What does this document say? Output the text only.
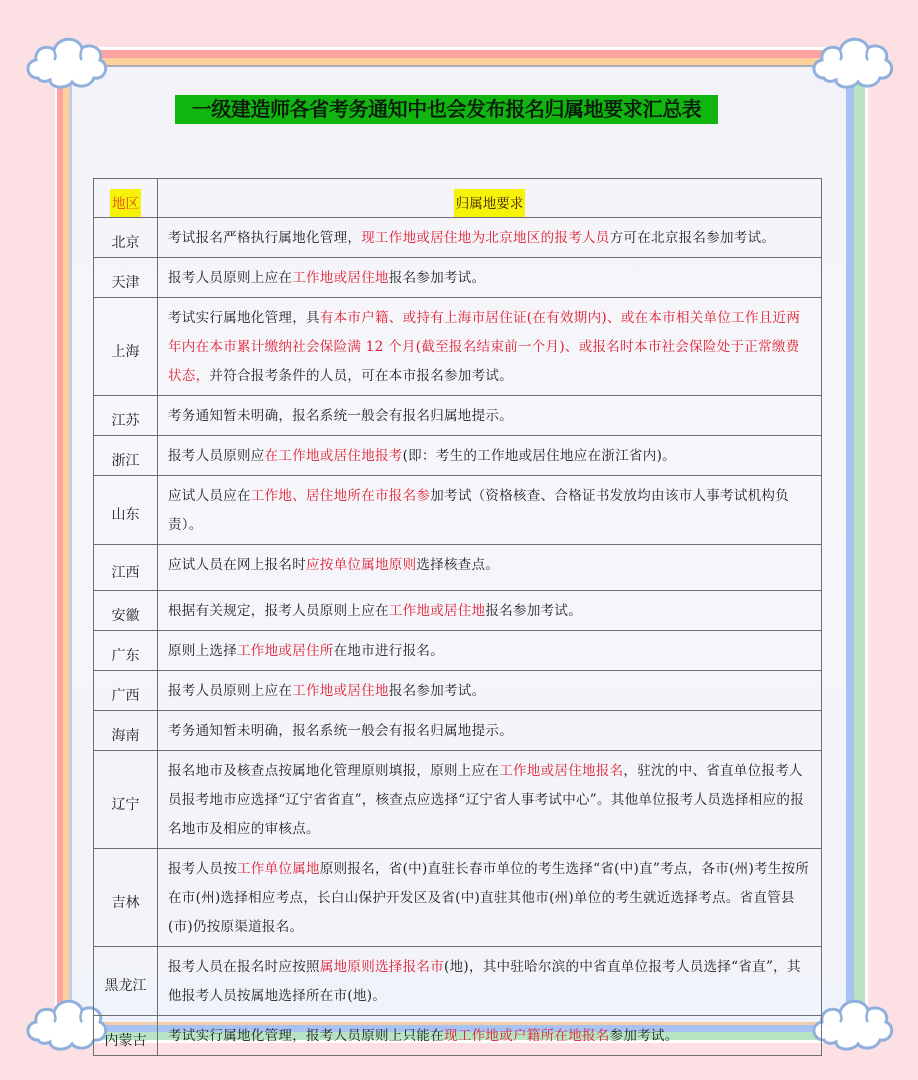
一级建造师各省考务通知中也会发布报名归属地要求汇总表
地区	归属地要求
北京	考试报名严格执行属地化管理，现工作地或居住地为北京地区的报考人员方可在北京报名参加考试。
天津	报考人员原则上应在工作地或居住地报名参加考试。
上海	考试实行属地化管理，具有本市户籍、或持有上海市居住证(在有效期内)、或在本市相关单位工作且近两年内在本市累计缴纳社会保险满 12 个月(截至报名结束前一个月)、或报名时本市社会保险处于正常缴费状态，并符合报考条件的人员，可在本市报名参加考试。
江苏	考务通知暂未明确，报名系统一般会有报名归属地提示。
浙江	报考人员原则应在工作地或居住地报考(即：考生的工作地或居住地应在浙江省内)。
山东	应试人员应在工作地、居住地所在市报名参加考试（资格核查、合格证书发放均由该市人事考试机构负责）。
江西	应试人员在网上报名时应按单位属地原则选择核查点。
安徽	根据有关规定，报考人员原则上应在工作地或居住地报名参加考试。
广东	原则上选择工作地或居住所在地市进行报名。
广西	报考人员原则上应在工作地或居住地报名参加考试。
海南	考务通知暂未明确，报名系统一般会有报名归属地提示。
辽宁	报名地市及核查点按属地化管理原则填报，原则上应在工作地或居住地报名，驻沈的中、省直单位报考人员报考地市应选择“辽宁省省直”，核查点应选择“辽宁省人事考试中心”。其他单位报考人员选择相应的报名地市及相应的审核点。
吉林	报考人员按工作单位属地原则报名，省(中)直驻长春市单位的考生选择“省(中)直”考点，各市(州)考生按所在市(州)选择相应考点，长白山保护开发区及省(中)直驻其他市(州)单位的考生就近选择考点。省直管县(市)仍按原渠道报名。
黑龙江	报考人员在报名时应按照属地原则选择报名市(地)，其中驻哈尔滨的中省直单位报考人员选择“省直”，其他报考人员按属地选择所在市(地)。
内蒙古	考试实行属地化管理，报考人员原则上只能在现工作地或户籍所在地报名参加考试。
